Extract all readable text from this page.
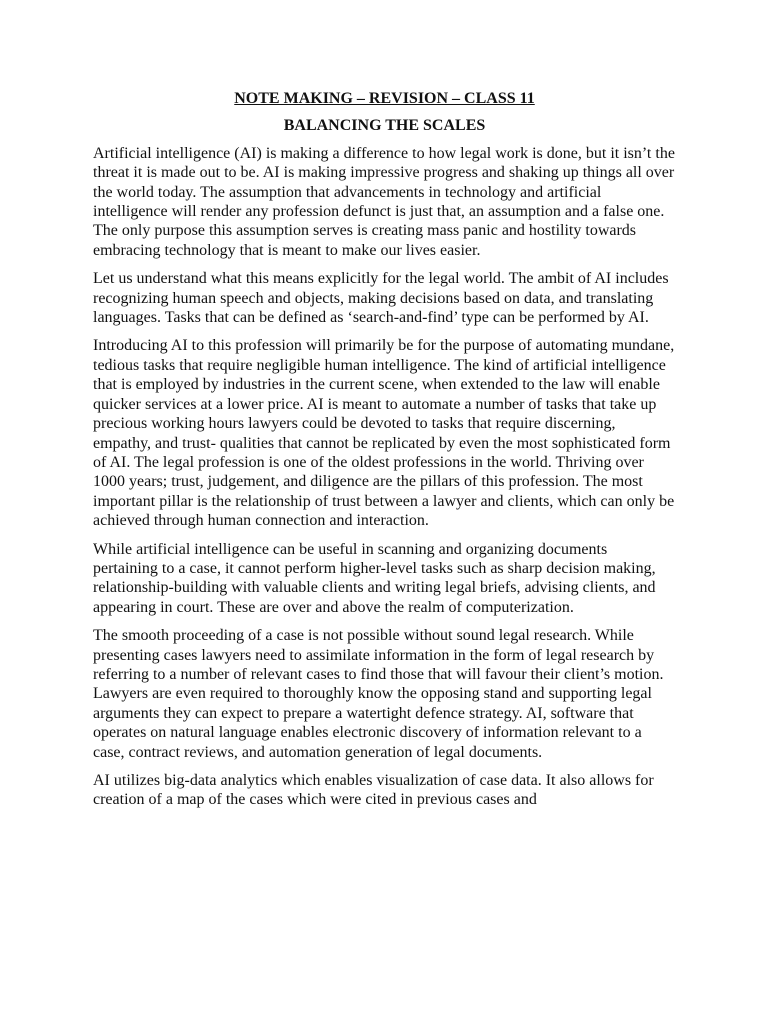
NOTE MAKING – REVISION – CLASS 11
BALANCING THE SCALES

Artificial intelligence (AI) is making a difference to how legal work is done, but it isn’t the threat it is made out to be. AI is making impressive progress and shaking up things all over the world today. The assumption that advancements in technology and artificial intelligence will render any profession defunct is just that, an assumption and a false one. The only purpose this assumption serves is creating mass panic and hostility towards embracing technology that is meant to make our lives easier.

Let us understand what this means explicitly for the legal world. The ambit of AI includes recognizing human speech and objects, making decisions based on data, and translating languages. Tasks that can be defined as ‘search-and-find’ type can be performed by AI.

Introducing AI to this profession will primarily be for the purpose of automating mundane, tedious tasks that require negligible human intelligence. The kind of artificial intelligence that is employed by industries in the current scene, when extended to the law will enable quicker services at a lower price. AI is meant to automate a number of tasks that take up precious working hours lawyers could be devoted to tasks that require discerning, empathy, and trust- qualities that cannot be replicated by even the most sophisticated form of AI. The legal profession is one of the oldest professions in the world. Thriving over 1000 years; trust, judgement, and diligence are the pillars of this profession. The most important pillar is the relationship of trust between a lawyer and clients, which can only be achieved through human connection and interaction.

While artificial intelligence can be useful in scanning and organizing documents pertaining to a case, it cannot perform higher-level tasks such as sharp decision making, relationship-building with valuable clients and writing legal briefs, advising clients, and appearing in court. These are over and above the realm of computerization.

The smooth proceeding of a case is not possible without sound legal research. While presenting cases lawyers need to assimilate information in the form of legal research by referring to a number of relevant cases to find those that will favour their client’s motion. Lawyers are even required to thoroughly know the opposing stand and supporting legal arguments they can expect to prepare a watertight defence strategy. AI, software that operates on natural language enables electronic discovery of information relevant to a case, contract reviews, and automation generation of legal documents.

AI utilizes big-data analytics which enables visualization of case data. It also allows for creation of a map of the cases which were cited in previous cases and
